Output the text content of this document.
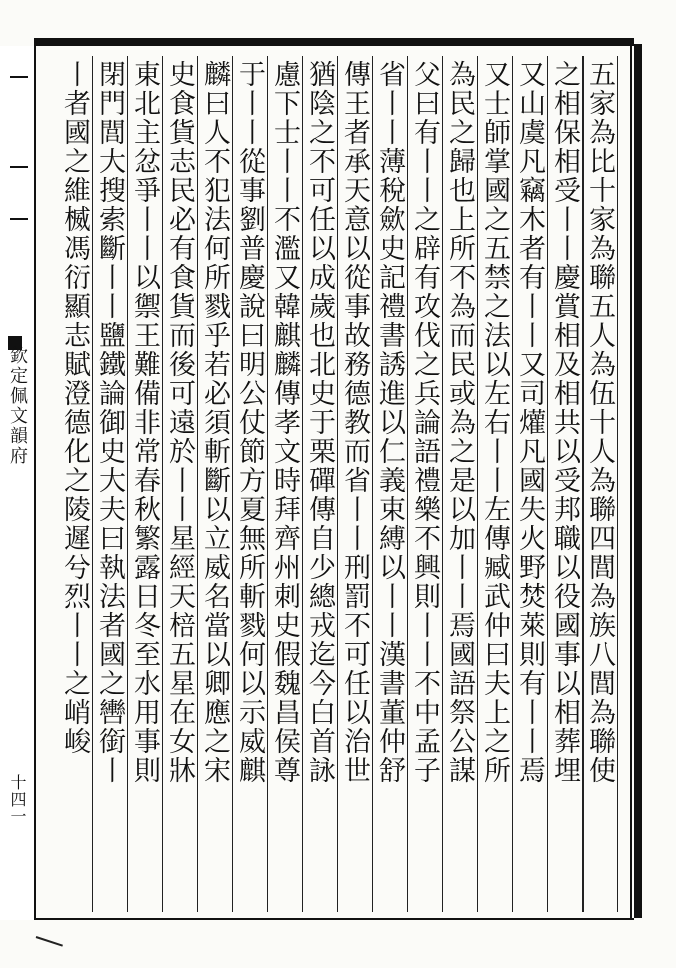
欽定佩文韻府
十四一
五家為比十家為聯五人為伍十人為聯四閭為族八閭為聯使
之相保相受丨丨慶賞相及相共以受邦職以役國事以相葬埋
又山虞凡竊木者有丨丨又司爟凡國失火野焚萊則有丨丨焉
又士師掌國之五禁之法以左右丨丨左傳臧武仲曰夫上之所
為民之歸也上所不為而民或為之是以加丨丨焉國語祭公謀
父曰有丨丨之辟有攻伐之兵論語禮樂不興則丨丨不中孟子
省丨丨薄稅歛史記禮書誘進以仁義束縛以丨丨漢書董仲舒
傳王者承天意以從事故務德教而省丨丨刑罰不可任以治世
猶陰之不可任以成歲也北史于栗磾傳自少總戎迄今白首詠
慮下士丨丨不濫又韓麒麟傳孝文時拜齊州刺史假魏昌侯尊
于丨丨從事劉普慶說曰明公仗節方夏無所斬戮何以示威麒
麟曰人不犯法何所戮乎若必須斬斷以立威名當以卿應之宋
史食貨志民必有食貨而後可遠於丨丨星經天棓五星在女牀
東北主忿爭丨丨以禦王難備非常春秋繁露日冬至水用事則
閉門閭大搜索斷丨丨鹽鐵論御史大夫曰執法者國之轡銜丨
丨者國之維楲馮衍顯志賦澄德化之陵遲兮烈丨丨之峭峻
